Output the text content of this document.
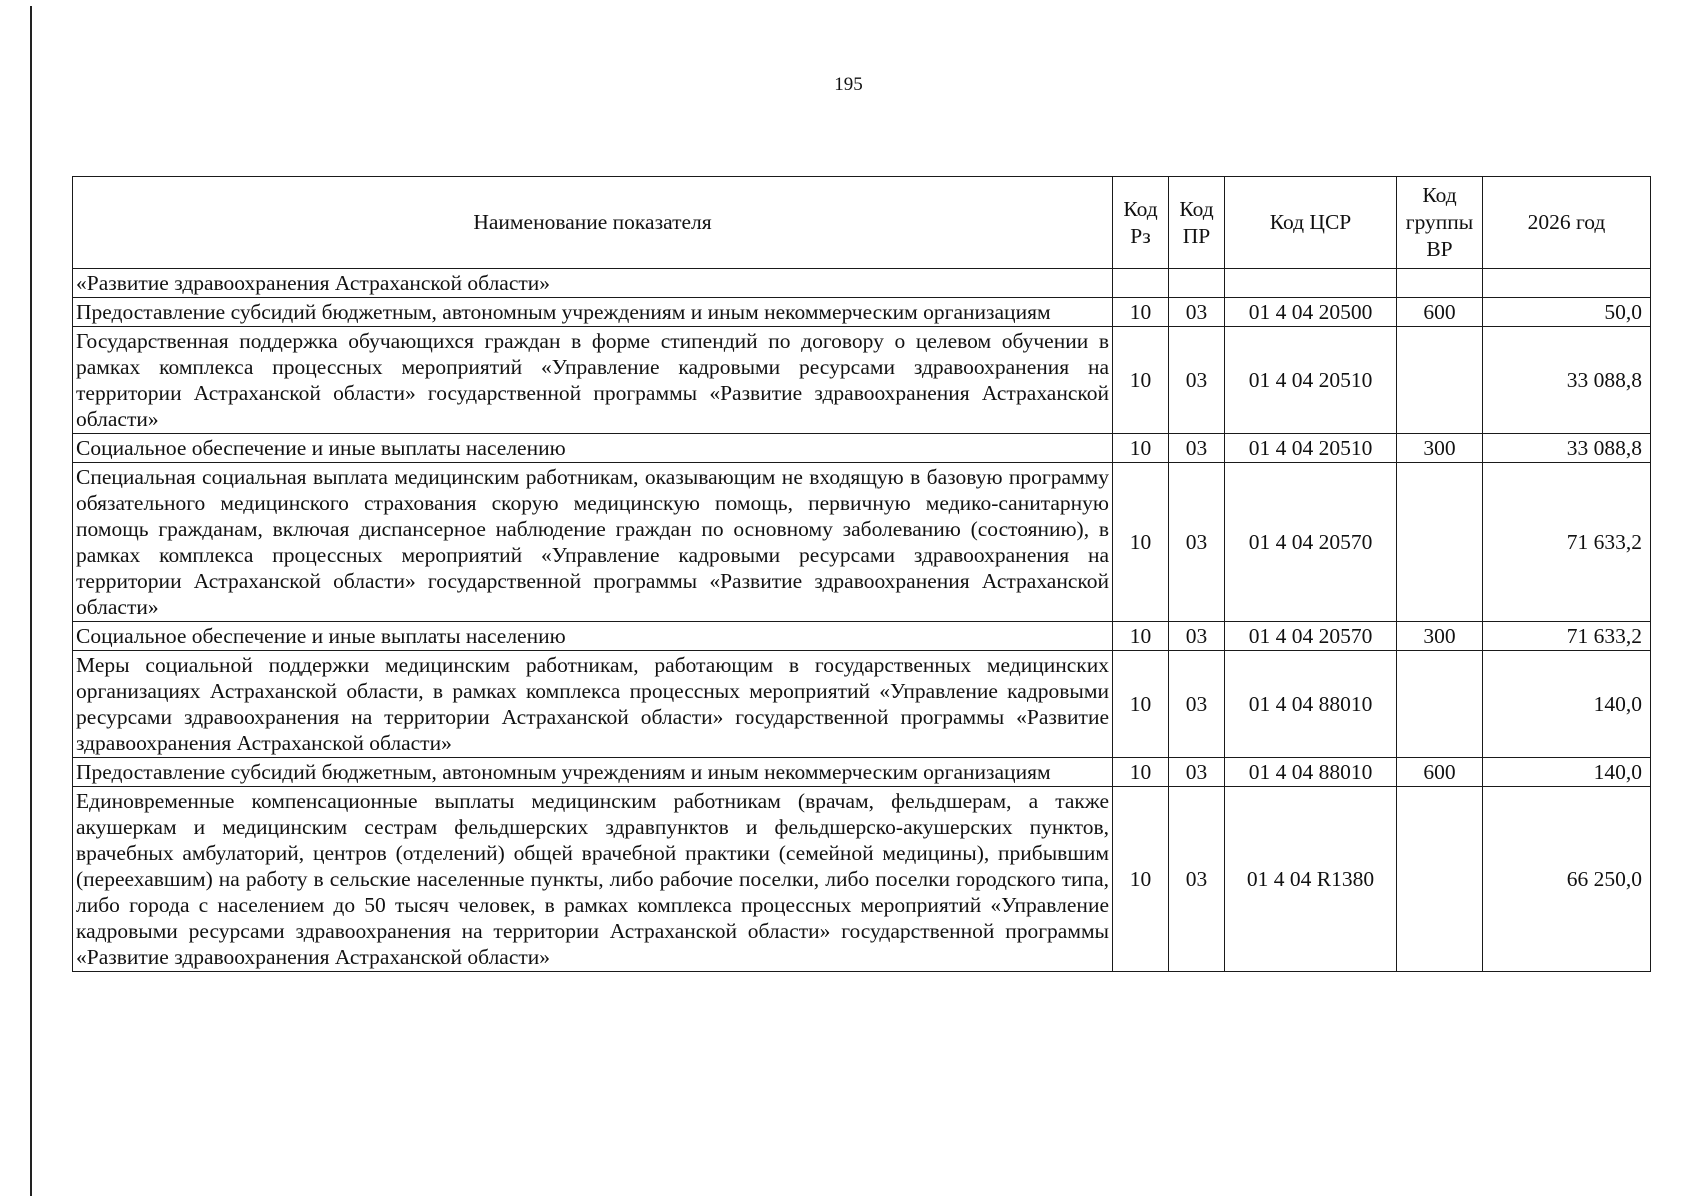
195
Наименование показателя	Код Рз	Код ПР	Код ЦСР	Код группы ВР	2026 год
«Развитие здравоохранения Астраханской области»					
Предоставление субсидий бюджетным, автономным учреждениям и иным некоммерческим организациям	10	03	01 4 04 20500	600	50,0
Государственная поддержка обучающихся граждан в форме стипендий по договору о целевом обучении в рамках комплекса процессных мероприятий «Управление кадровыми ресурсами здравоохранения на территории Астраханской области» государственной программы «Развитие здравоохранения Астраханской области»	10	03	01 4 04 20510		33 088,8
Социальное обеспечение и иные выплаты населению	10	03	01 4 04 20510	300	33 088,8
Специальная социальная выплата медицинским работникам, оказывающим не входящую в базовую программу обязательного медицинского страхования скорую медицинскую помощь, первичную медико-санитарную помощь гражданам, включая диспансерное наблюдение граждан по основному заболеванию (состоянию), в рамках комплекса процессных мероприятий «Управление кадровыми ресурсами здравоохранения на территории Астраханской области» государственной программы «Развитие здравоохранения Астраханской области»	10	03	01 4 04 20570		71 633,2
Социальное обеспечение и иные выплаты населению	10	03	01 4 04 20570	300	71 633,2
Меры социальной поддержки медицинским работникам, работающим в государственных медицинских организациях Астраханской области, в рамках комплекса процессных мероприятий «Управление кадровыми ресурсами здравоохранения на территории Астраханской области» государственной программы «Развитие здравоохранения Астраханской области»	10	03	01 4 04 88010		140,0
Предоставление субсидий бюджетным, автономным учреждениям и иным некоммерческим организациям	10	03	01 4 04 88010	600	140,0
Единовременные компенсационные выплаты медицинским работникам (врачам, фельдшерам, а также акушеркам и медицинским сестрам фельдшерских здравпунктов и фельдшерско-акушерских пунктов, врачебных амбулаторий, центров (отделений) общей врачебной практики (семейной медицины), прибывшим (переехавшим) на работу в сельские населенные пункты, либо рабочие поселки, либо поселки городского типа, либо города с населением до 50 тысяч человек, в рамках комплекса процессных мероприятий «Управление кадровыми ресурсами здравоохранения на территории Астраханской области» государственной программы «Развитие здравоохранения Астраханской области»	10	03	01 4 04 R1380		66 250,0
